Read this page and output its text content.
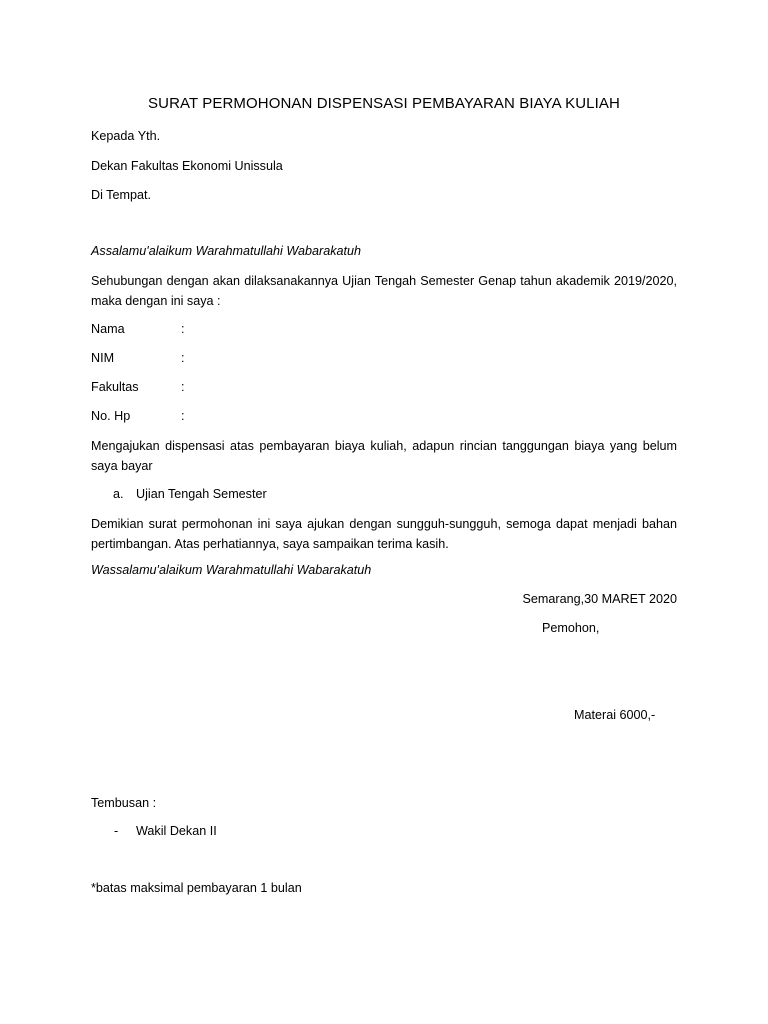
SURAT PERMOHONAN DISPENSASI PEMBAYARAN BIAYA KULIAH
Kepada Yth.
Dekan Fakultas Ekonomi Unissula
Di Tempat.
Assalamu'alaikum Warahmatullahi Wabarakatuh
Sehubungan dengan akan dilaksanakannya Ujian Tengah Semester Genap tahun akademik 2019/2020, maka dengan ini saya :
Nama	:
NIM	:
Fakultas	:
No. Hp	:
Mengajukan dispensasi atas pembayaran biaya kuliah, adapun rincian tanggungan biaya yang belum saya bayar
a. Ujian Tengah Semester
Demikian surat permohonan ini saya ajukan dengan sungguh-sungguh, semoga dapat menjadi bahan pertimbangan. Atas perhatiannya, saya sampaikan terima kasih.
Wassalamu'alaikum Warahmatullahi Wabarakatuh
Semarang,30 MARET 2020
Pemohon,
Materai 6000,-
Tembusan :
- Wakil Dekan II
*batas maksimal pembayaran 1 bulan
